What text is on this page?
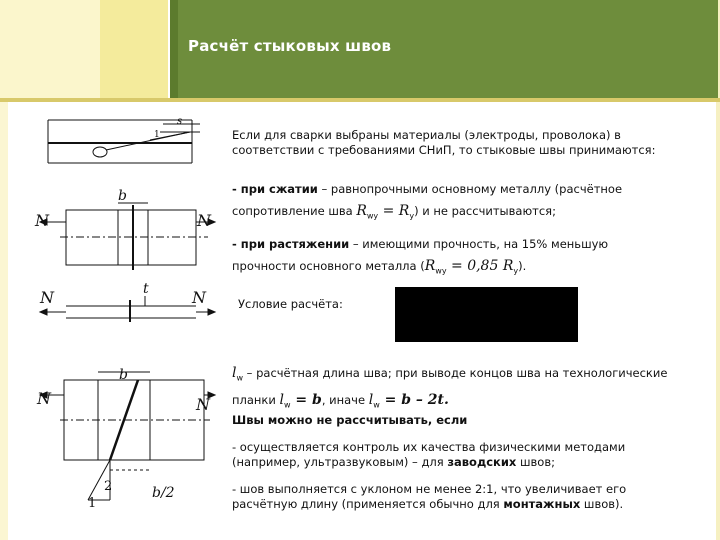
Расчёт стыковых швов
s
1
b
N	N
t
N	N
b
N	N
2
1
b/2
Если для сварки выбраны материалы (электроды, проволока) в соответствии с требованиями СНиП, то стыковые швы принимаются:
- при сжатии – равнопрочными основному металлу (расчётное сопротивление шва $R_{wy} = R_y$) и не рассчитываются;
- при растяжении – имеющими прочность, на 15% меньшую прочности основного металла ($R_{wy} = 0,85$ $R_y$).
Условие расчёта:
$l_w$ – расчётная длина шва; при выводе концов шва на технологические планки $l_w = b$, иначе $l_w = b - 2t$.
Швы можно не рассчитывать, если
- осуществляется контроль их качества физическими методами (например, ультразвуковым) – для заводских швов;
- шов выполняется с уклоном не менее 2:1, что увеличивает его расчётную длину (применяется обычно для монтажных швов).
